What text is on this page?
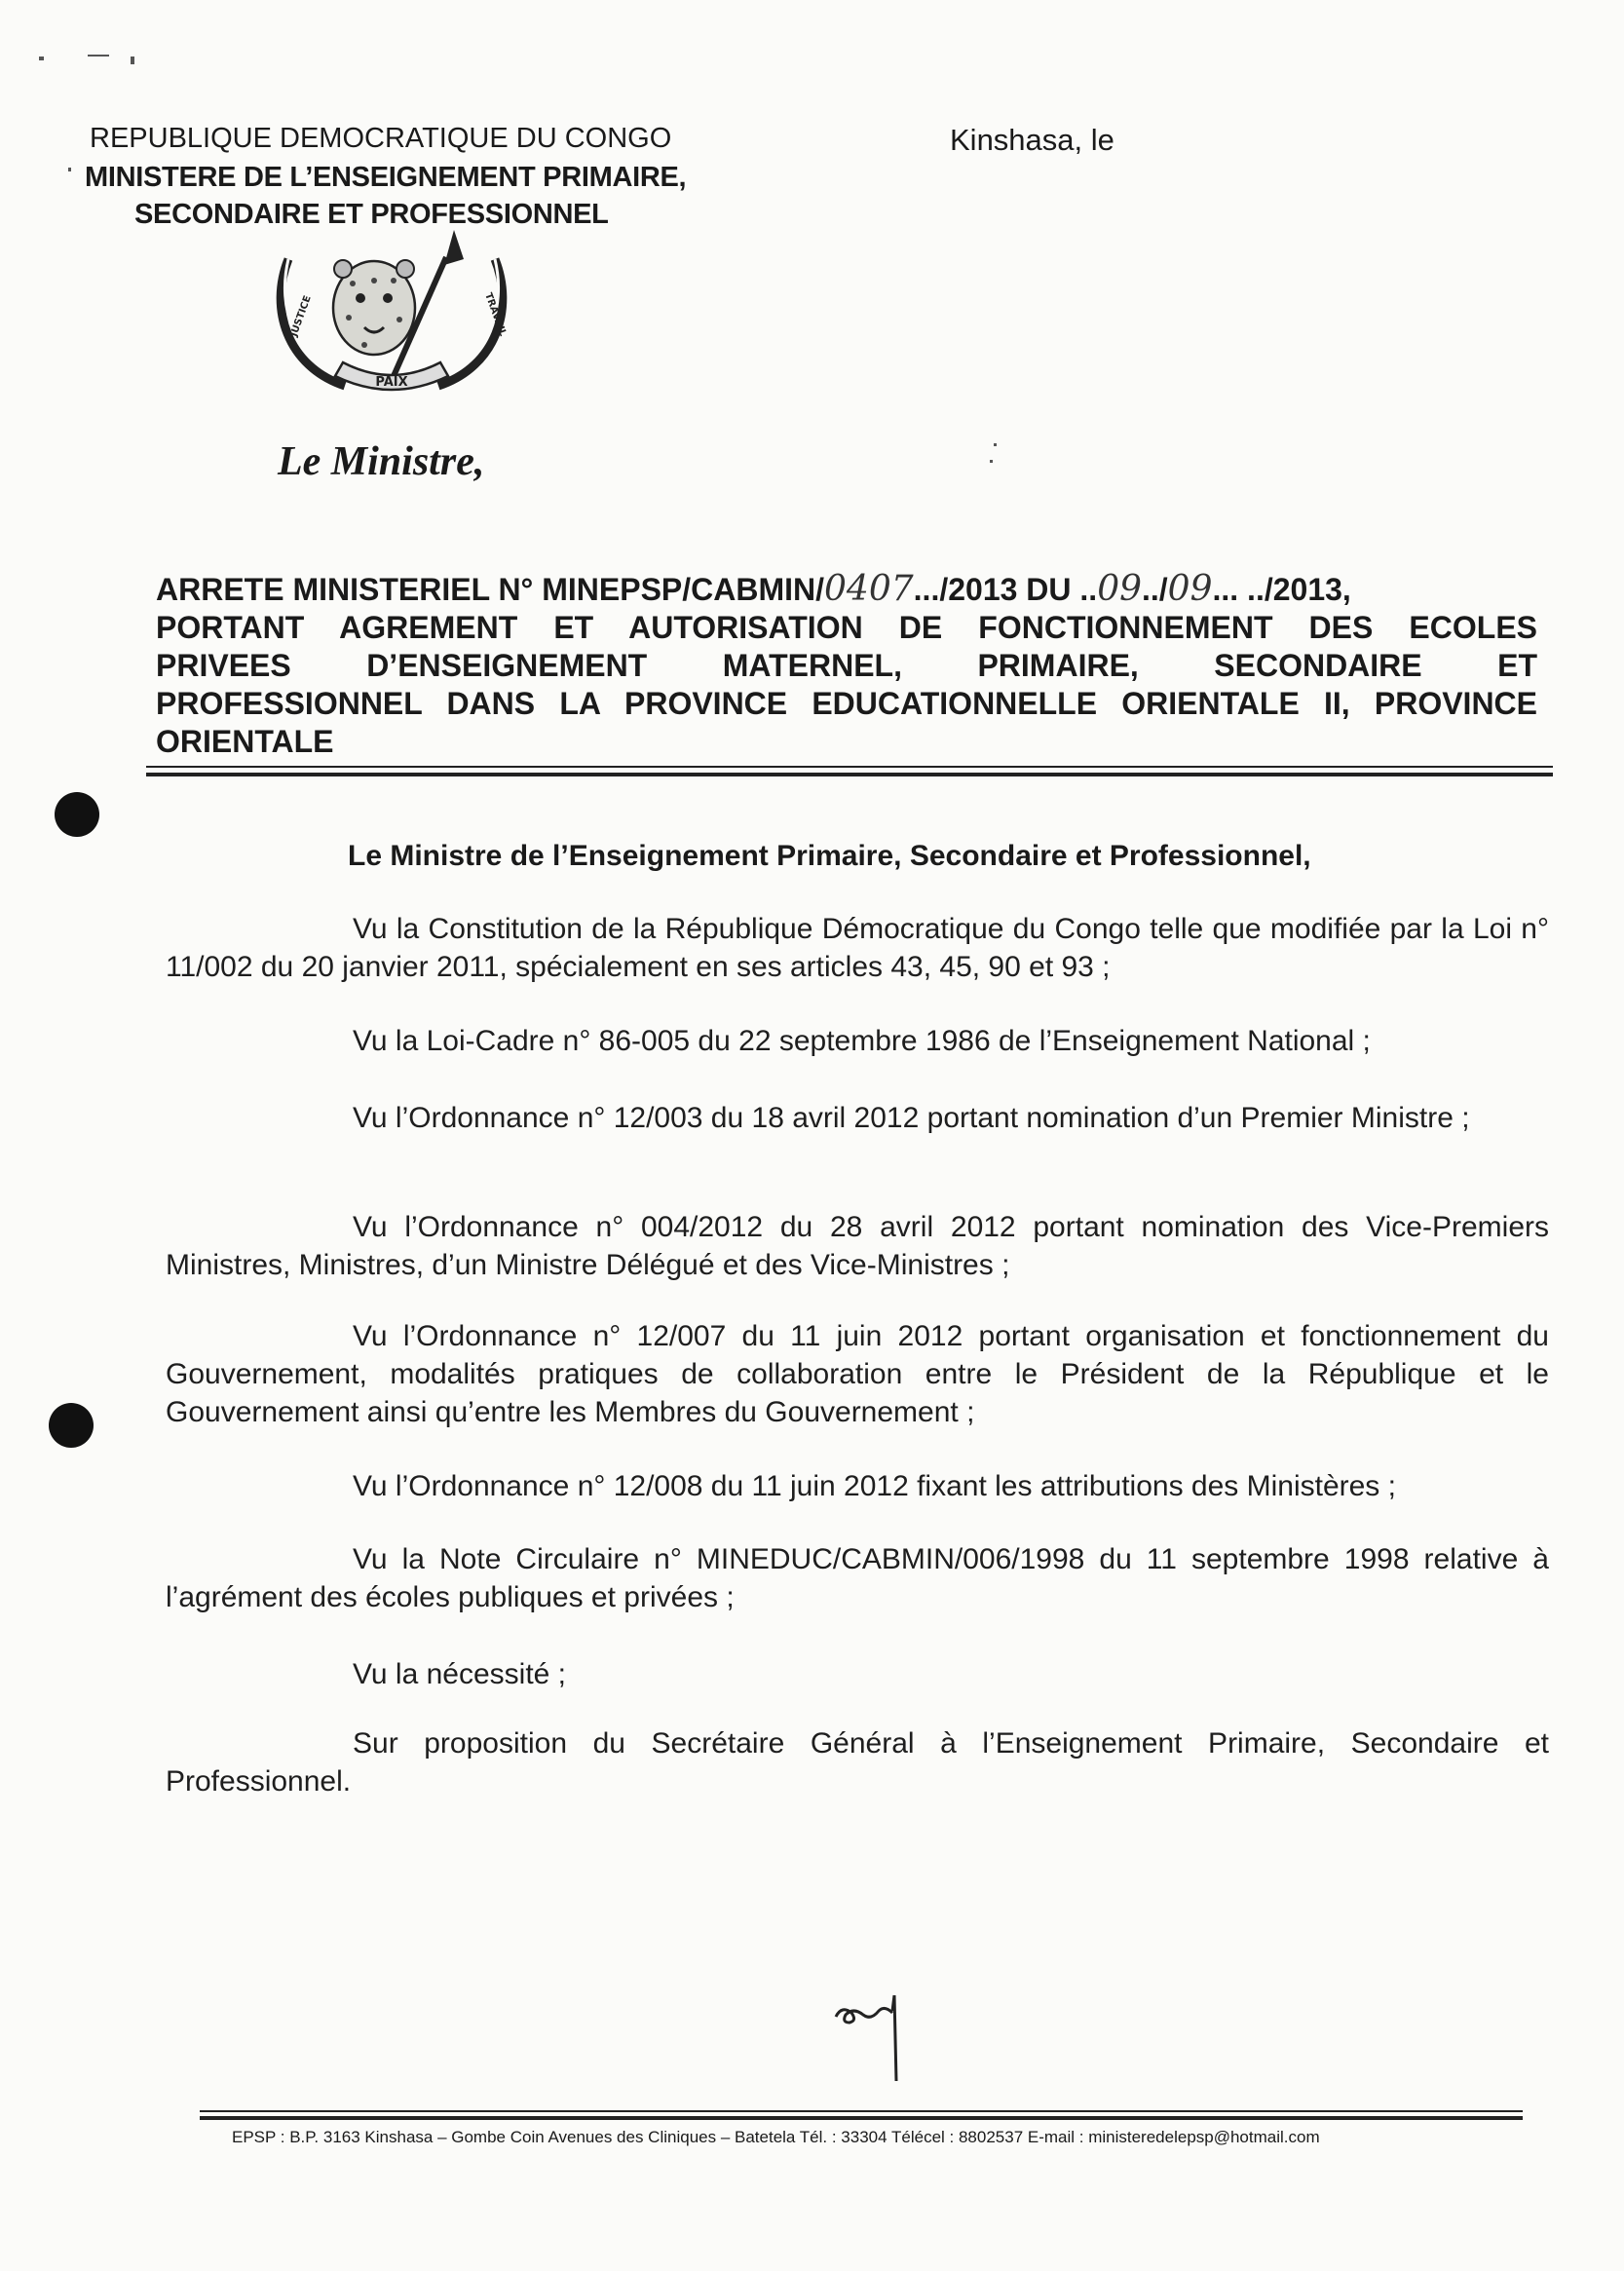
REPUBLIQUE DEMOCRATIQUE DU CONGO
MINISTERE DE L’ENSEIGNEMENT PRIMAIRE,
SECONDAIRE ET PROFESSIONNEL
Kinshasa, le
PAIX
JUSTICE	TRAVAIL
Le Ministre,
ARRETE MINISTERIEL N° MINEPSP/CABMIN/0407.../2013 DU ..09../09... ../2013,
PORTANT AGREMENT ET AUTORISATION DE FONCTIONNEMENT DES ECOLES
PRIVEES D’ENSEIGNEMENT MATERNEL, PRIMAIRE, SECONDAIRE ET
PROFESSIONNEL DANS LA PROVINCE EDUCATIONNELLE ORIENTALE II, PROVINCE
ORIENTALE
Le Ministre de l’Enseignement Primaire, Secondaire et Professionnel,
Vu la Constitution de la République Démocratique du Congo telle que modifiée par la Loi n° 11/002 du 20 janvier 2011, spécialement en ses articles 43, 45, 90 et 93 ;
Vu la Loi-Cadre n° 86-005 du 22 septembre 1986 de l’Enseignement National ;
Vu l’Ordonnance n° 12/003 du 18 avril 2012 portant nomination d’un Premier Ministre ;
Vu l’Ordonnance n° 004/2012 du 28 avril 2012 portant nomination des Vice-Premiers Ministres, Ministres, d’un Ministre Délégué et des Vice-Ministres ;
Vu l’Ordonnance n° 12/007 du 11 juin 2012 portant organisation et fonctionnement du Gouvernement, modalités pratiques de collaboration entre le Président de la République et le Gouvernement ainsi qu’entre les Membres du Gouvernement ;
Vu l’Ordonnance n° 12/008 du 11 juin 2012 fixant les attributions des Ministères ;
Vu la Note Circulaire n° MINEDUC/CABMIN/006/1998 du 11 septembre 1998 relative à l’agrément des écoles publiques et privées ;
Vu la nécessité ;
Sur proposition du Secrétaire Général à l’Enseignement Primaire, Secondaire et Professionnel.
EPSP : B.P. 3163 Kinshasa – Gombe Coin Avenues des Cliniques – Batetela Tél. : 33304 Télécel : 8802537 E-mail : ministeredelepsp@hotmail.com
